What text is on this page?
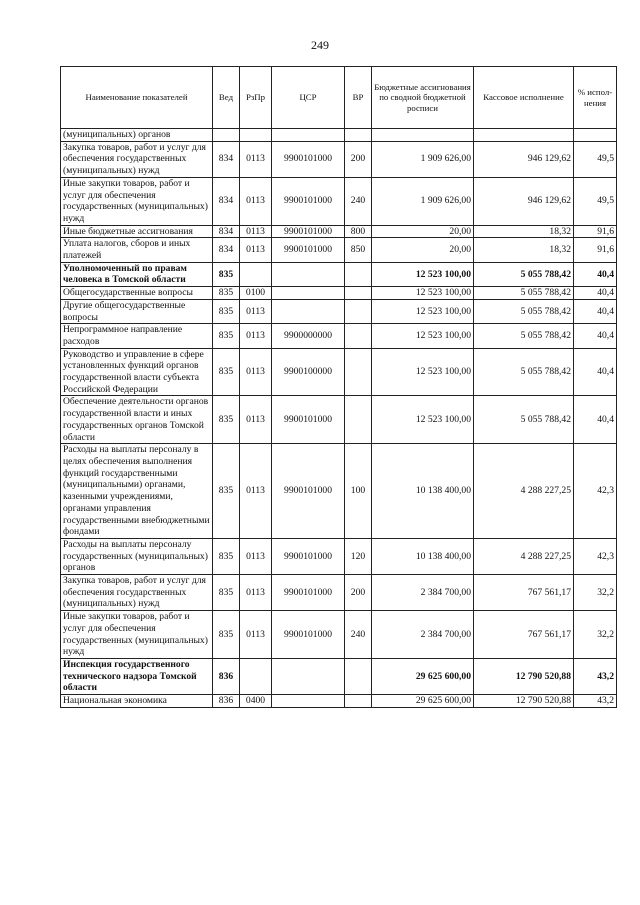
249
Наименование показателей	Вед	РзПр	ЦСР	ВР	Бюджетные ассигнования по сводной бюджетной росписи	Кассовое исполнение	% испол-нения
(муниципальных) органов							
Закупка товаров, работ и услуг для обеспечения государственных (муниципальных) нужд	834	0113	9900101000	200	1 909 626,00	946 129,62	49,5
Иные закупки товаров, работ и услуг для обеспечения государственных (муниципальных) нужд	834	0113	9900101000	240	1 909 626,00	946 129,62	49,5
Иные бюджетные ассигнования	834	0113	9900101000	800	20,00	18,32	91,6
Уплата налогов, сборов и иных платежей	834	0113	9900101000	850	20,00	18,32	91,6
Уполномоченный по правам человека в Томской области	835				12 523 100,00	5 055 788,42	40,4
Общегосударственные вопросы	835	0100			12 523 100,00	5 055 788,42	40,4
Другие общегосударственные вопросы	835	0113			12 523 100,00	5 055 788,42	40,4
Непрограммное направление расходов	835	0113	9900000000		12 523 100,00	5 055 788,42	40,4
Руководство и управление в сфере установленных функций органов государственной власти субъекта Российской Федерации	835	0113	9900100000		12 523 100,00	5 055 788,42	40,4
Обеспечение деятельности органов государственной власти и иных государственных органов Томской области	835	0113	9900101000		12 523 100,00	5 055 788,42	40,4
Расходы на выплаты персоналу в целях обеспечения выполнения функций государственными (муниципальными) органами, казенными учреждениями, органами управления государственными внебюджетными фондами	835	0113	9900101000	100	10 138 400,00	4 288 227,25	42,3
Расходы на выплаты персоналу государственных (муниципальных) органов	835	0113	9900101000	120	10 138 400,00	4 288 227,25	42,3
Закупка товаров, работ и услуг для обеспечения государственных (муниципальных) нужд	835	0113	9900101000	200	2 384 700,00	767 561,17	32,2
Иные закупки товаров, работ и услуг для обеспечения государственных (муниципальных) нужд	835	0113	9900101000	240	2 384 700,00	767 561,17	32,2
Инспекция государственного технического надзора Томской области	836				29 625 600,00	12 790 520,88	43,2
Национальная экономика	836	0400			29 625 600,00	12 790 520,88	43,2
